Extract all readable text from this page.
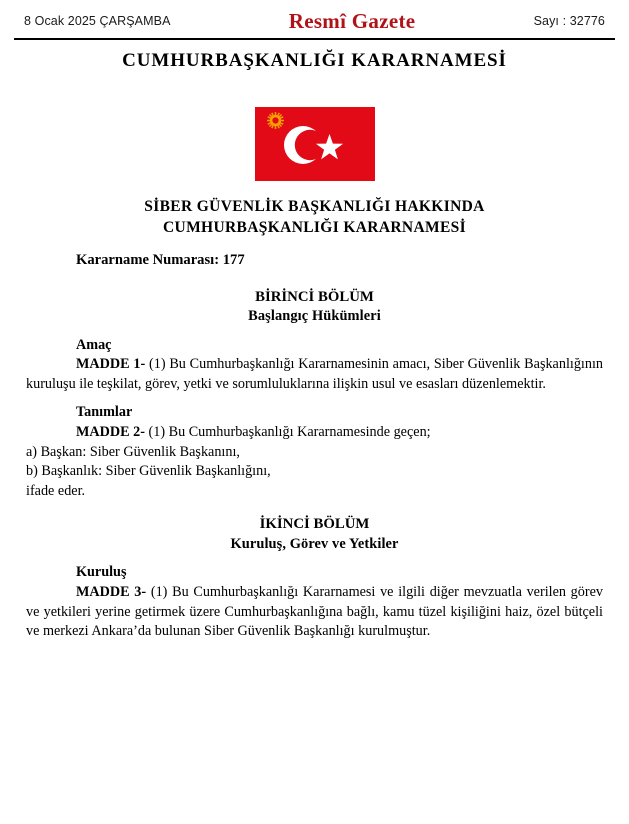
8 Ocak 2025 ÇARŞAMBA	Resmî Gazete	Sayı : 32776
CUMHURBAŞKANLIĞI KARARNAMESİ
SİBER GÜVENLİK BAŞKANLIĞI HAKKINDA
CUMHURBAŞKANLIĞI KARARNAMESİ

Kararname Numarası: 177

BİRİNCİ BÖLÜM
Başlangıç Hükümleri

Amaç

MADDE 1- (1) Bu Cumhurbaşkanlığı Kararnamesinin amacı, Siber Güvenlik Başkanlığının kuruluşu ile teşkilat, görev, yetki ve sorumluluklarına ilişkin usul ve esasları düzenlemektir.

Tanımlar

MADDE 2- (1) Bu Cumhurbaşkanlığı Kararnamesinde geçen;

a) Başkan: Siber Güvenlik Başkanını,

b) Başkanlık: Siber Güvenlik Başkanlığını,

ifade eder.

İKİNCİ BÖLÜM
Kuruluş, Görev ve Yetkiler

Kuruluş

MADDE 3- (1) Bu Cumhurbaşkanlığı Kararnamesi ve ilgili diğer mevzuatla verilen görev ve yetkileri yerine getirmek üzere Cumhurbaşkanlığına bağlı, kamu tüzel kişiliğini haiz, özel bütçeli ve merkezi Ankara’da bulunan Siber Güvenlik Başkanlığı kurulmuştur.
